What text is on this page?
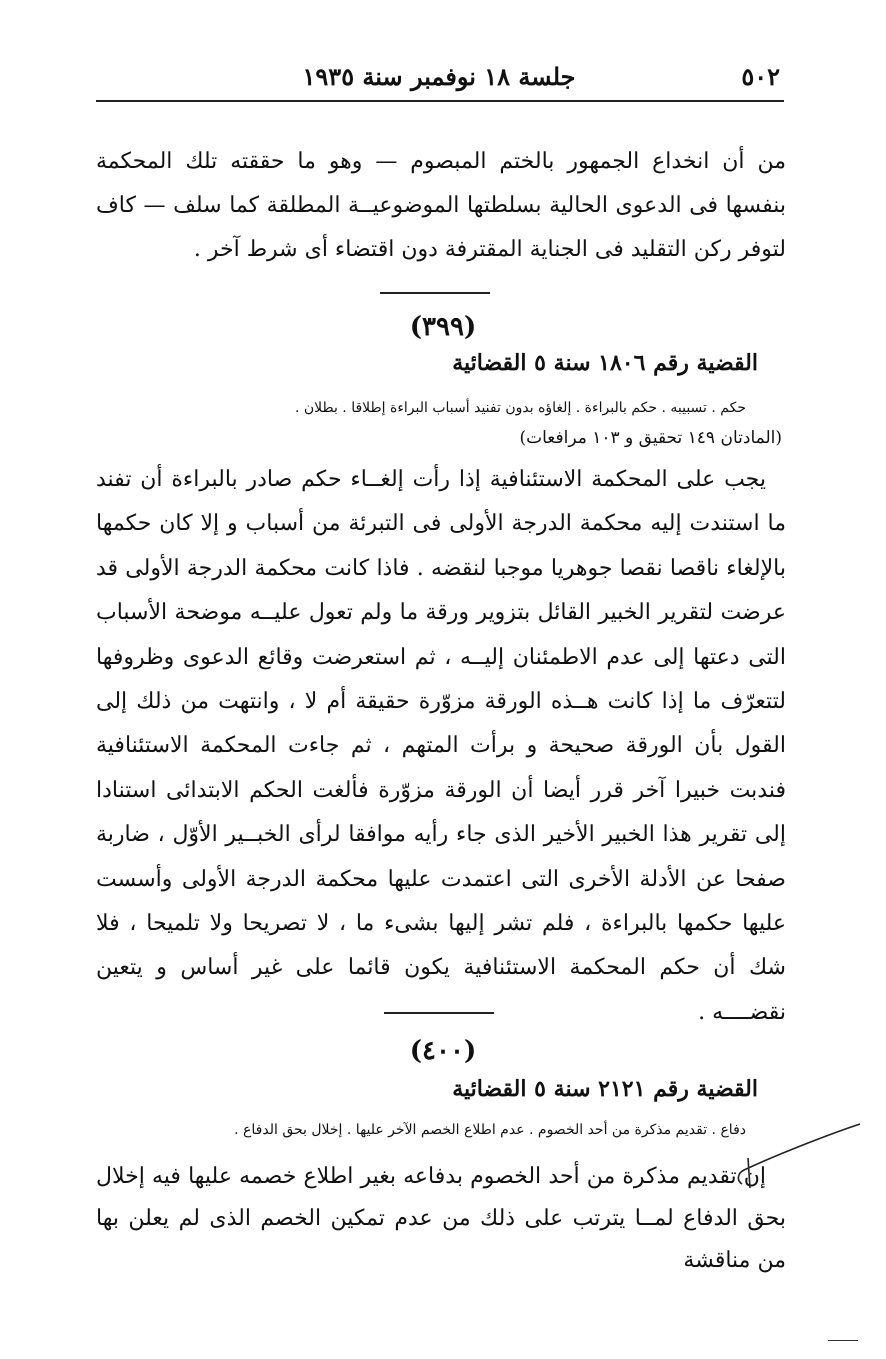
٥٠٢
جلسة ١٨ نوفمبر سنة ١٩٣٥
من أن انخداع الجمهور بالختم المبصوم — وهو ما حققته تلك المحكمة بنفسها فى الدعوى الحالية بسلطتها الموضوعيــة المطلقة كما سلف — كاف لتوفر ركن التقليد فى الجناية المقترفة دون اقتضاء أى شرط آخر .
(٣٩٩)
القضية رقم ١٨٠٦ سنة ٥ القضائية
حكم . تسبيبه . حكم بالبراءة . إلغاؤه بدون تفنيد أسباب البراءة إطلاقا . بطلان .
(المادتان ١٤٩ تحقيق و ١٠٣ مرافعات)
يجب على المحكمة الاستئنافية إذا رأت إلغــاء حكم صادر بالبراءة أن تفند ما استندت إليه محكمة الدرجة الأولى فى التبرئة من أسباب و إلا كان حكمها بالإلغاء ناقصا نقصا جوهريا موجبا لنقضه . فاذا كانت محكمة الدرجة الأولى قد عرضت لتقرير الخبير القائل بتزوير ورقة ما ولم تعول عليــه موضحة الأسباب التى دعتها إلى عدم الاطمئنان إليــه ، ثم استعرضت وقائع الدعوى وظروفها لتتعرّف ما إذا كانت هــذه الورقة مزوّرة حقيقة أم لا ، وانتهت من ذلك إلى القول بأن الورقة صحيحة و برأت المتهم ، ثم جاءت المحكمة الاستئنافية فندبت خبيرا آخر قرر أيضا أن الورقة مزوّرة فألغت الحكم الابتدائى استنادا إلى تقرير هذا الخبير الأخير الذى جاء رأيه موافقا لرأى الخبــير الأوّل ، ضاربة صفحا عن الأدلة الأخرى التى اعتمدت عليها محكمة الدرجة الأولى وأسست عليها حكمها بالبراءة ، فلم تشر إليها بشىء ما ، لا تصريحا ولا تلميحا ، فلا شك أن حكم المحكمة الاستئنافية يكون قائما على غير أساس و يتعين نقضــــه .
(٤٠٠)
القضية رقم ٢١٢١ سنة ٥ القضائية
دفاع . تقديم مذكرة من أحد الخصوم . عدم اطلاع الخصم الآخر عليها . إخلال بحق الدفاع .
إن تقديم مذكرة من أحد الخصوم بدفاعه بغير اطلاع خصمه عليها فيه إخلال بحق الدفاع لمــا يترتب على ذلك من عدم تمكين الخصم الذى لم يعلن بها من مناقشة
